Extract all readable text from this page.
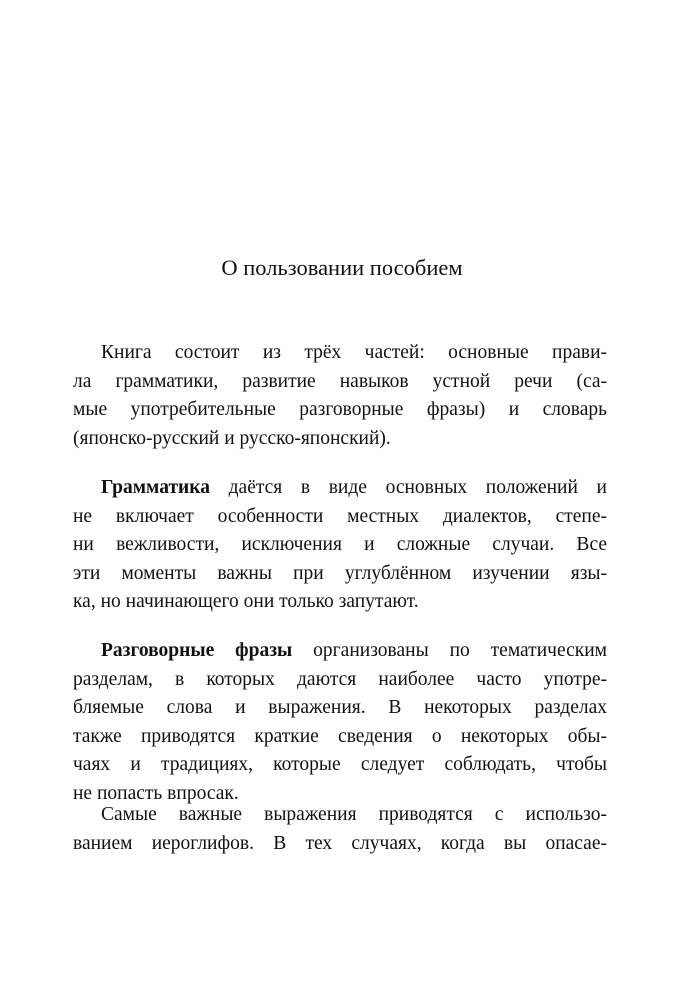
О пользовании пособием
Книга состоит из трёх частей: основные прави-
ла грамматики, развитие навыков устной речи (са-
мые употребительные разговорные фразы) и словарь
(японско-русский и русско-японский).
Грамматика даётся в виде основных положений и
не включает особенности местных диалектов, степе-
ни вежливости, исключения и сложные случаи. Все
эти моменты важны при углублённом изучении язы-
ка, но начинающего они только запутают.
Разговорные фразы организованы по тематическим
разделам, в которых даются наиболее часто употре-
бляемые слова и выражения. В некоторых разделах
также приводятся краткие сведения о некоторых обы-
чаях и традициях, которые следует соблюдать, чтобы
не попасть впросак.
Самые важные выражения приводятся с использо-
ванием иероглифов. В тех случаях, когда вы опасае-
